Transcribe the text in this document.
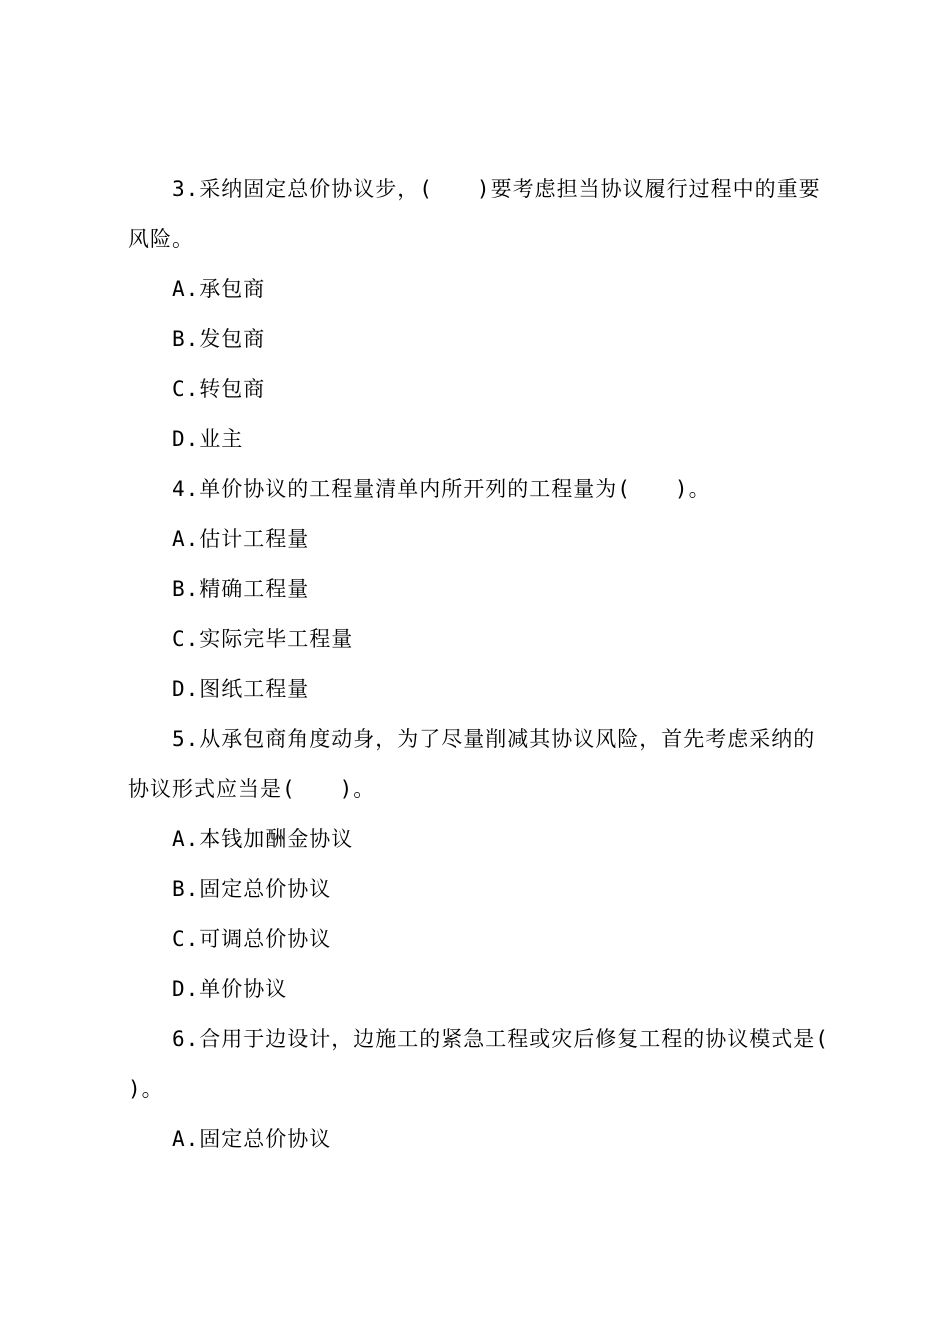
3.采纳固定总价协议步，(　　)要考虑担当协议履行过程中的重要
风险。
A.承包商
B.发包商
C.转包商
D.业主
4.单价协议的工程量清单内所开列的工程量为(　　)。
A.估计工程量
B.精确工程量
C.实际完毕工程量
D.图纸工程量
5.从承包商角度动身，为了尽量削减其协议风险，首先考虑采纳的
协议形式应当是(　　)。
A.本钱加酬金协议
B.固定总价协议
C.可调总价协议
D.单价协议
6.合用于边设计，边施工的紧急工程或灾后修复工程的协议模式是(
)。
A.固定总价协议
